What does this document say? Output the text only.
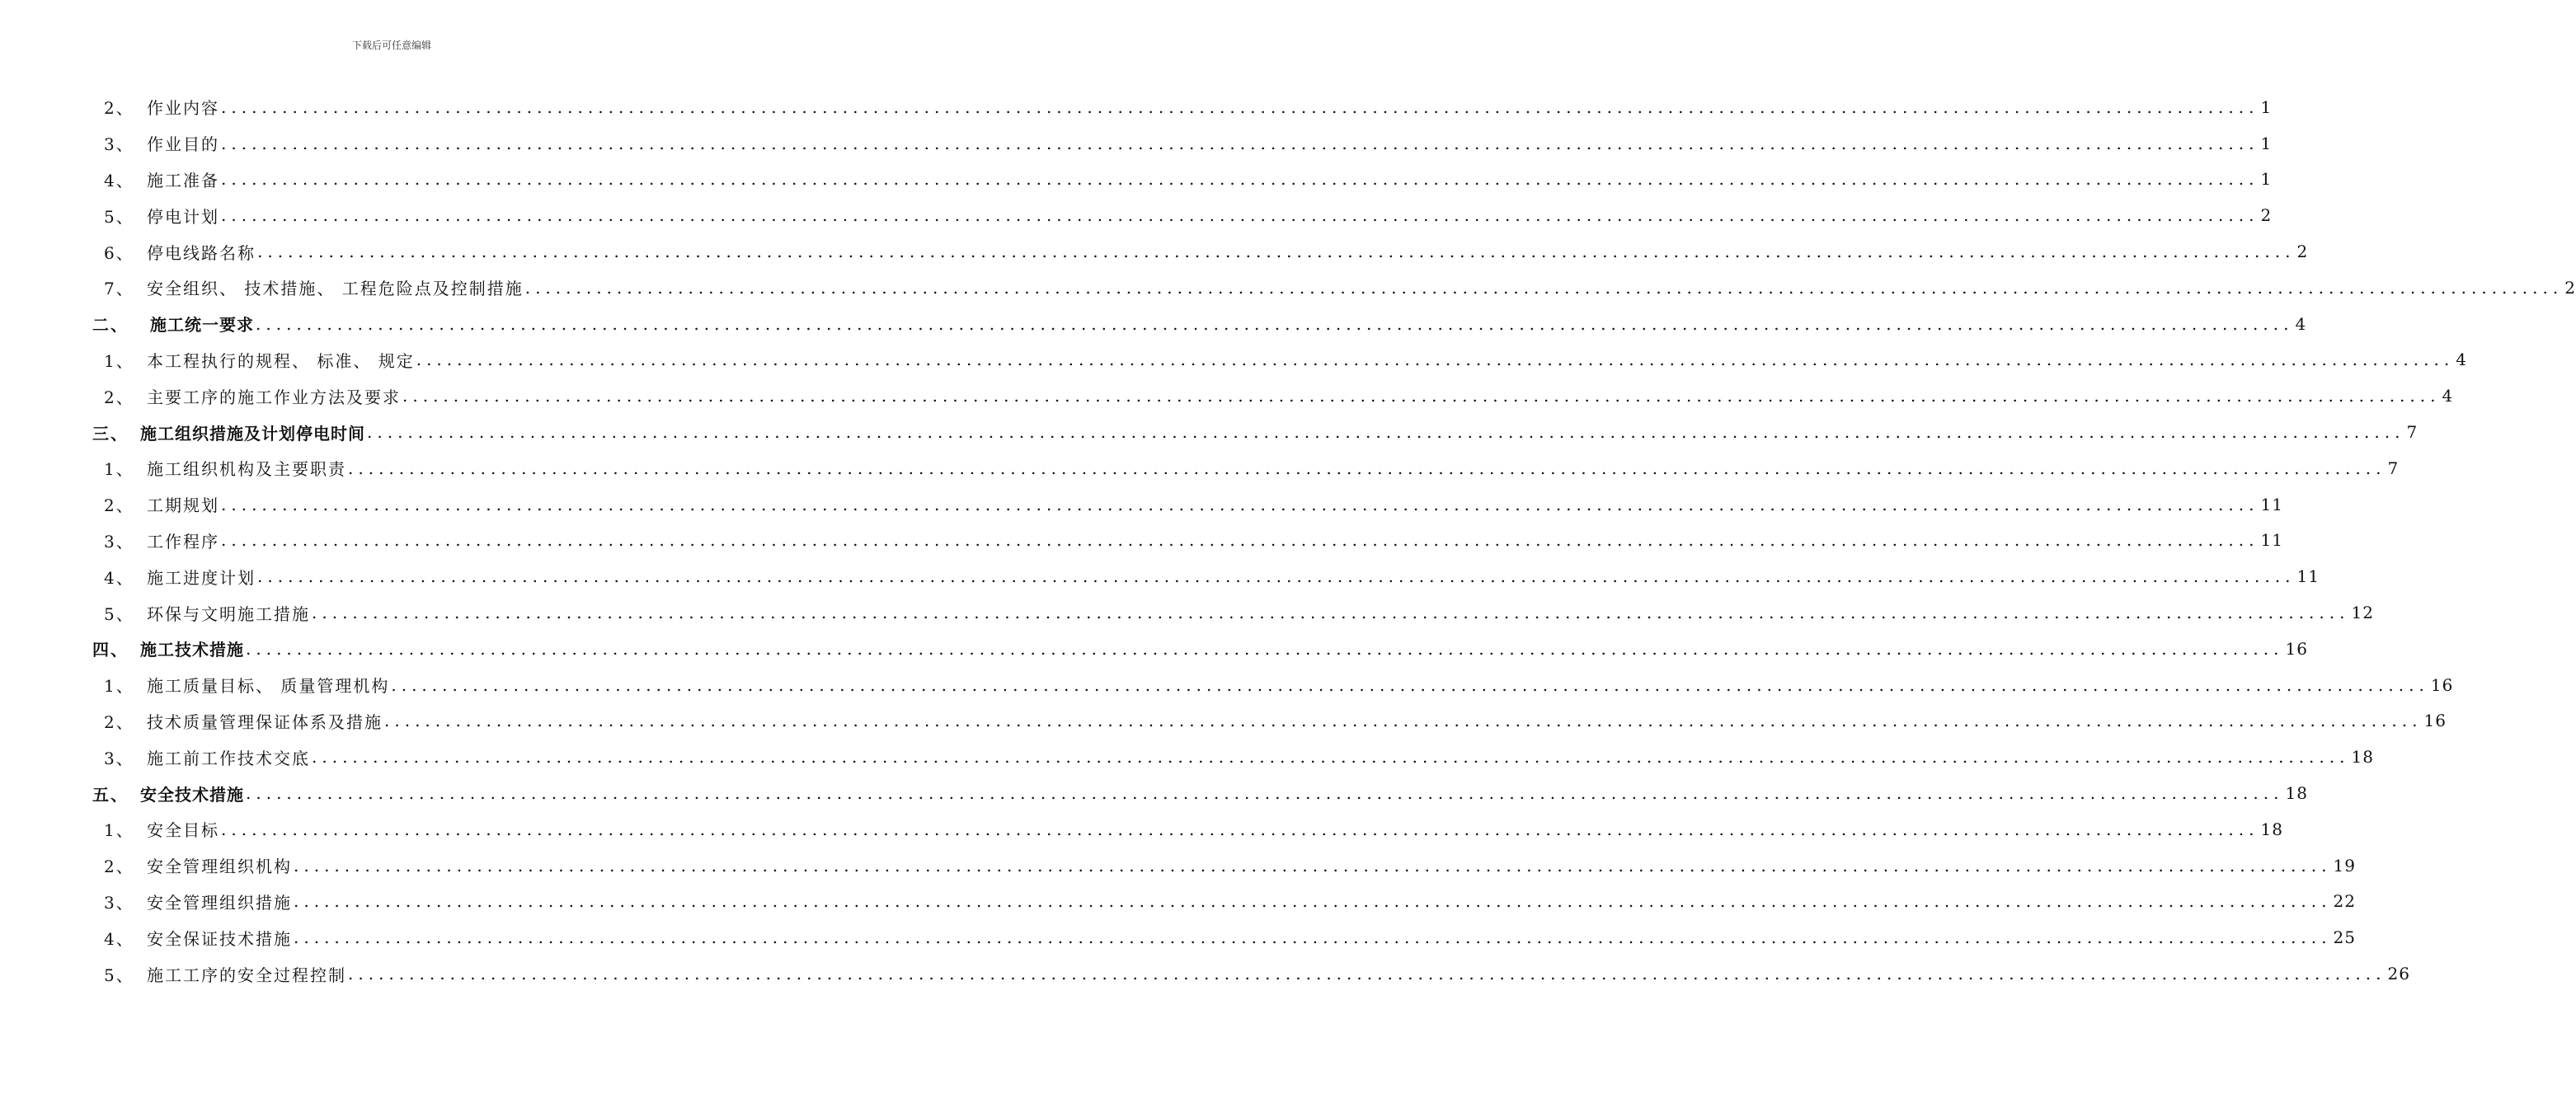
下载后可任意编辑
2、 作业内容 ........................................................................................................................................................................................................ 1
3、 作业目的 ........................................................................................................................................................................................................ 1
4、 施工准备 ........................................................................................................................................................................................................ 1
5、 停电计划 ........................................................................................................................................................................................................ 2
6、 停电线路名称 ........................................................................................................................................................................................................ 2
7、 安全组织、 技术措施、 工程危险点及控制措施 ........................................................................................................................................................................................................ 2
二、	施工统一要求 ........................................................................................................................................................................................................ 4
1、 本工程执行的规程、 标准、 规定 ........................................................................................................................................................................................................ 4
2、 主要工序的施工作业方法及要求 ........................................................................................................................................................................................................ 4
三、 施工组织措施及计划停电时间 ........................................................................................................................................................................................................ 7
1、 施工组织机构及主要职责 ........................................................................................................................................................................................................ 7
2、 工期规划 ........................................................................................................................................................................................................ 11
3、 工作程序 ........................................................................................................................................................................................................ 11
4、 施工进度计划 ........................................................................................................................................................................................................ 11
5、 环保与文明施工措施 ........................................................................................................................................................................................................ 12
四、 施工技术措施 ........................................................................................................................................................................................................ 16
1、 施工质量目标、 质量管理机构 ........................................................................................................................................................................................................ 16
2、 技术质量管理保证体系及措施 ........................................................................................................................................................................................................ 16
3、 施工前工作技术交底 ........................................................................................................................................................................................................ 18
五、 安全技术措施 ........................................................................................................................................................................................................ 18
1、 安全目标 ........................................................................................................................................................................................................ 18
2、 安全管理组织机构 ........................................................................................................................................................................................................ 19
3、 安全管理组织措施 ........................................................................................................................................................................................................ 22
4、 安全保证技术措施 ........................................................................................................................................................................................................ 25
5、 施工工序的安全过程控制 ........................................................................................................................................................................................................ 26
